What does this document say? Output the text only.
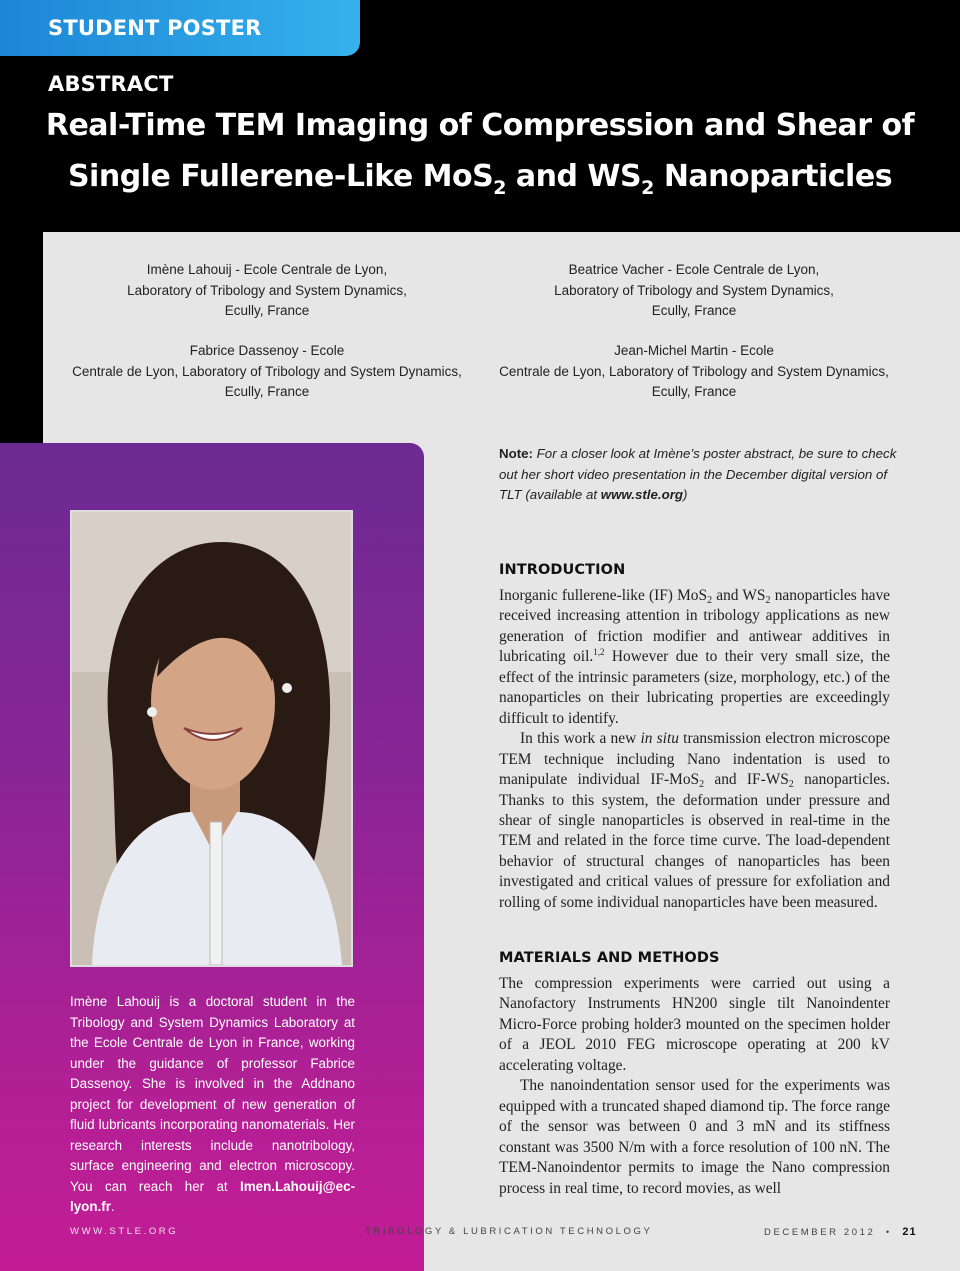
STUDENT POSTER ABSTRACT
Real-Time TEM Imaging of Compression and Shear of
Single Fullerene-Like MoS$_2$ and $WS_2$ Nanoparticles
Imène Lahouij - Ecole Centrale de Lyon,
Laboratory of Tribology and System Dynamics,
Ecully, France
Beatrice Vacher - Ecole Centrale de Lyon,
Laboratory of Tribology and System Dynamics,
Ecully, France
Fabrice Dassenoy - Ecole
Centrale de Lyon, Laboratory of Tribology and System Dynamics,
Ecully, France
Jean-Michel Martin - Ecole
Centrale de Lyon, Laboratory of Tribology and System Dynamics,
Ecully, France
Note: For a closer look at Imène’s poster abstract, be sure to check out her short video presentation in the December digital version of TLT (available at www.stle.org)
Imène Lahouij is a doctoral student in the Tribology and System Dynamics Laboratory at the Ecole Centrale de Lyon in France, working under the guidance of professor Fabrice Dassenoy. She is involved in the Addnano project for development of new generation of fluid lubricants incorporating nanomaterials. Her research interests include nanotribology, surface engineering and electron microscopy. You can reach her at Imen.Lahouij@ec-lyon.fr.
INTRODUCTION

Inorganic fullerene-like (IF) MoS$_2$ and $WS_2$ nanoparticles have received increasing attention in tribology applications as new generation of friction modifier and antiwear additives in lubricating oil.$^{1,2}$ However due to their very small size, the effect of the intrinsic parameters (size, morphology, etc.) of the nanoparticles on their lubricating properties are exceedingly difficult to identify.

In this work a new in situ transmission electron microscope TEM technique including Nano indentation is used to manipulate individual IF-MoS$_2$ and $IF-WS_2$ nanoparticles. Thanks to this system, the deformation under pressure and shear of single nanoparticles is observed in real-time in the TEM and related in the force time curve. The load-dependent behavior of structural changes of nanoparticles has been investigated and critical values of pressure for exfoliation and rolling of some individual nanoparticles have been measured.

MATERIALS AND METHODS

The compression experiments were carried out using a Nanofactory Instruments HN200 single tilt Nanoindenter Micro-Force probing holder3 mounted on the specimen holder of a JEOL 2010 FEG microscope operating at 200 kV accelerating voltage.

The nanoindentation sensor used for the experiments was equipped with a truncated shaped diamond tip. The force range of the sensor was between 0 and 3 mN and its stiffness constant was 3500 N/m with a force resolution of 100 nN. The TEM-Nanoindentor permits to image the Nano compression process in real time, to record movies, as well

WWW.STLE.ORG	TRIBOLOGY & LUBRICATION TECHNOLOGY	DECEMBER 2012 • 21
